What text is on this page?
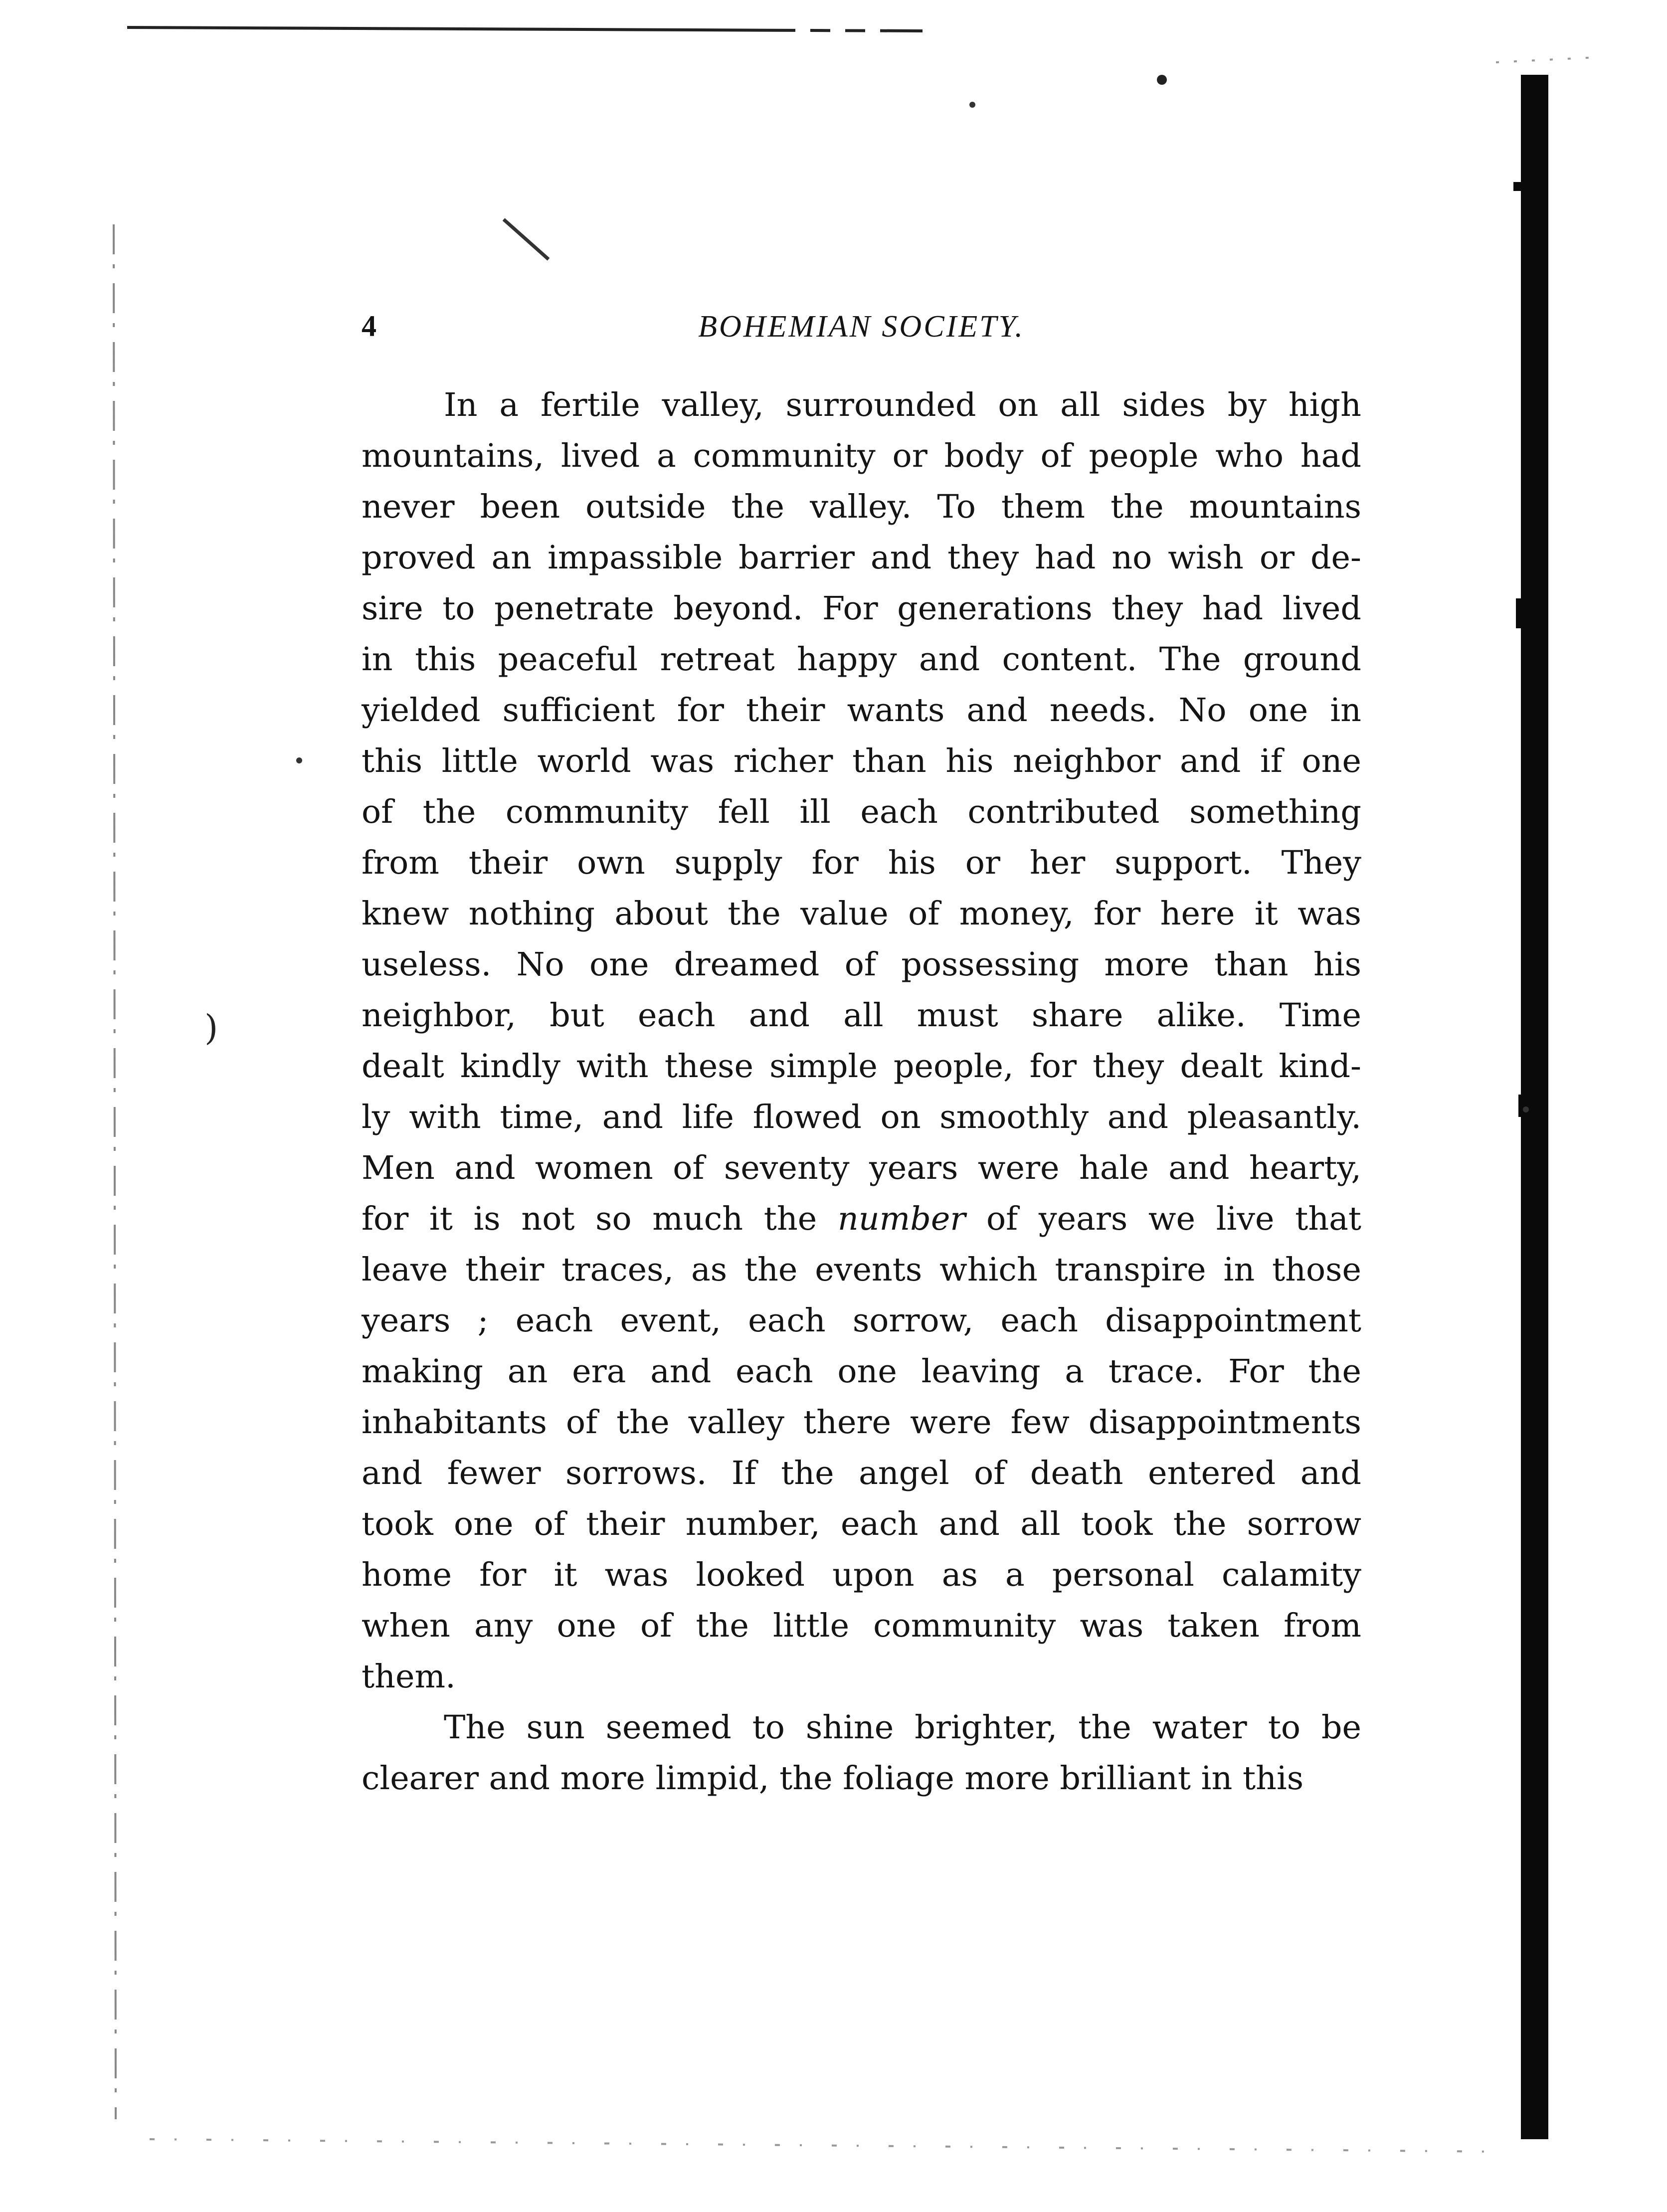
)
4	BOHEMIAN SOCIETY.
In a fertile valley, surrounded on all sides by high
mountains, lived a community or body of people who had
never been outside the valley. To them the mountains
proved an impassible barrier and they had no wish or de-
sire to penetrate beyond. For generations they had lived
in this peaceful retreat happy and content. The ground
yielded sufficient for their wants and needs. No one in
this little world was richer than his neighbor and if one
of the community fell ill each contributed something
from their own supply for his or her support. They
knew nothing about the value of money, for here it was
useless. No one dreamed of possessing more than his
neighbor, but each and all must share alike. Time
dealt kindly with these simple people, for they dealt kind-
ly with time, and life flowed on smoothly and pleasantly.
Men and women of seventy years were hale and hearty,
for it is not so much the number of years we live that
leave their traces, as the events which transpire in those
years ; each event, each sorrow, each disappointment
making an era and each one leaving a trace. For the
inhabitants of the valley there were few disappointments
and fewer sorrows. If the angel of death entered and
took one of their number, each and all took the sorrow
home for it was looked upon as a personal calamity
when any one of the little community was taken from
them.
The sun seemed to shine brighter, the water to be
clearer and more limpid, the foliage more brilliant in this
